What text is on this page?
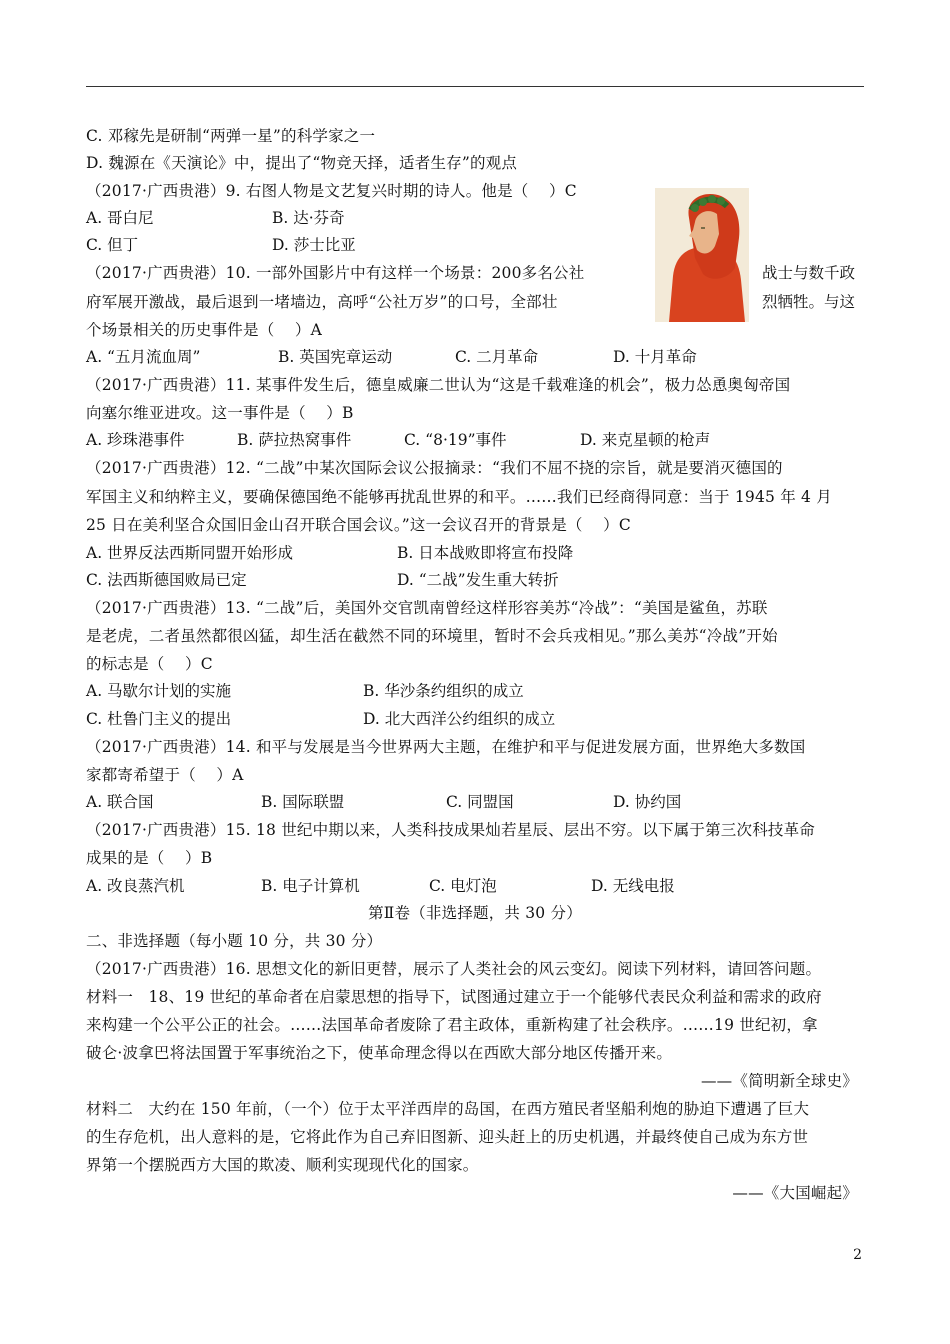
C. 邓稼先是研制“两弹一星”的科学家之一
D. 魏源在《天演论》中，提出了“物竞天择，适者生存”的观点
（2017·广西贵港）9. 右图人物是文艺复兴时期的诗人。他是（    ）C
A. 哥白尼	B. 达·芬奇
C. 但丁	D. 莎士比亚
（2017·广西贵港）10. 一部外国影片中有这样一个场景：200多名公社	战士与数千政
府军展开激战，最后退到一堵墙边，高呼“公社万岁”的口号，全部壮	烈牺牲。与这
个场景相关的历史事件是（    ）A
A. “五月流血周”	B. 英国宪章运动	C. 二月革命	D. 十月革命
（2017·广西贵港）11. 某事件发生后，德皇威廉二世认为“这是千载难逢的机会”，极力怂恿奥匈帝国
向塞尔维亚进攻。这一事件是（    ）B
A. 珍珠港事件	B. 萨拉热窝事件	C. “8·19”事件	D. 来克星顿的枪声
（2017·广西贵港）12. “二战”中某次国际会议公报摘录：“我们不屈不挠的宗旨，就是要消灭德国的
军国主义和纳粹主义，要确保德国绝不能够再扰乱世界的和平。……我们已经商得同意：当于 1945 年 4 月
25 日在美利坚合众国旧金山召开联合国会议。”这一会议召开的背景是（    ）C
A. 世界反法西斯同盟开始形成	B. 日本战败即将宣布投降
C. 法西斯德国败局已定	D. “二战”发生重大转折
（2017·广西贵港）13. “二战”后，美国外交官凯南曾经这样形容美苏“冷战”：“美国是鲨鱼，苏联
是老虎，二者虽然都很凶猛，却生活在截然不同的环境里，暂时不会兵戎相见。”那么美苏“冷战”开始
的标志是（    ）C
A. 马歇尔计划的实施	B. 华沙条约组织的成立
C. 杜鲁门主义的提出	D. 北大西洋公约组织的成立
（2017·广西贵港）14. 和平与发展是当今世界两大主题，在维护和平与促进发展方面，世界绝大多数国
家都寄希望于（    ）A
A. 联合国	B. 国际联盟	C. 同盟国	D. 协约国
（2017·广西贵港）15. 18 世纪中期以来，人类科技成果灿若星辰、层出不穷。以下属于第三次科技革命
成果的是（    ）B
A. 改良蒸汽机	B. 电子计算机	C. 电灯泡	D. 无线电报
第Ⅱ卷（非选择题，共 30 分）
二、非选择题（每小题 10 分，共 30 分）
（2017·广西贵港）16. 思想文化的新旧更替，展示了人类社会的风云变幻。阅读下列材料，请回答问题。
材料一   18、19 世纪的革命者在启蒙思想的指导下，试图通过建立于一个能够代表民众利益和需求的政府
来构建一个公平公正的社会。……法国革命者废除了君主政体，重新构建了社会秩序。……19 世纪初，拿
破仑·波拿巴将法国置于军事统治之下，使革命理念得以在西欧大部分地区传播开来。
——《简明新全球史》
材料二   大约在 150 年前，（一个）位于太平洋西岸的岛国，在西方殖民者坚船利炮的胁迫下遭遇了巨大
的生存危机，出人意料的是，它将此作为自己弃旧图新、迎头赶上的历史机遇，并最终使自己成为东方世
界第一个摆脱西方大国的欺凌、顺利实现现代化的国家。
——《大国崛起》
2
